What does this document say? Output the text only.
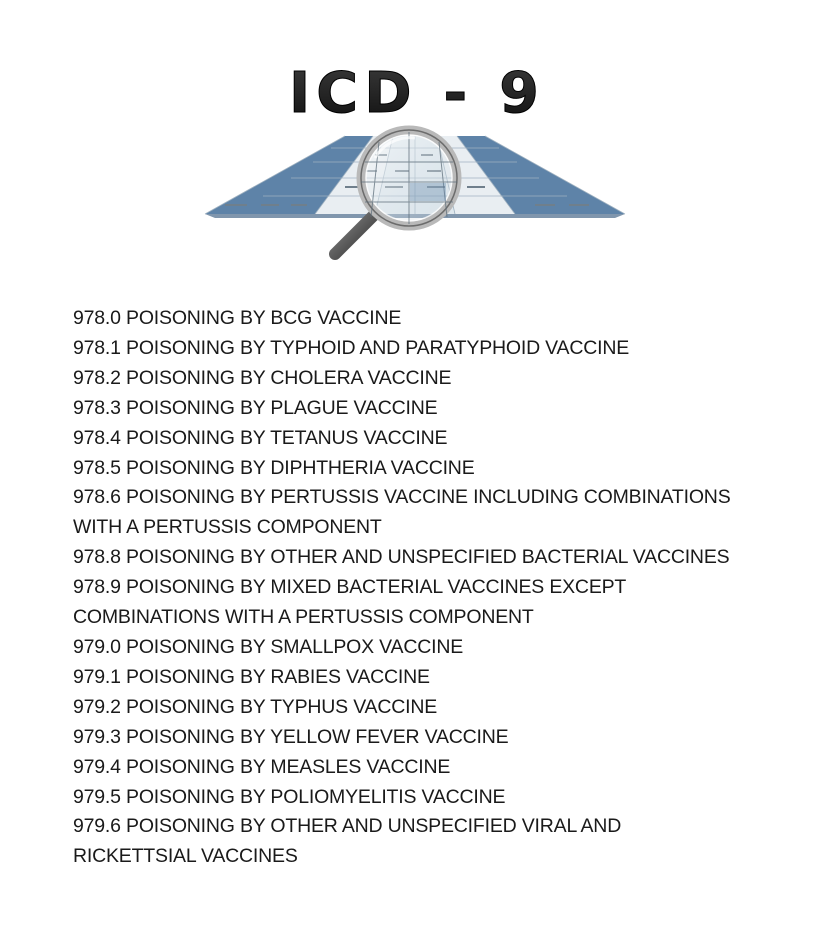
ICD - 9
978.0 POISONING BY BCG VACCINE
978.1 POISONING BY TYPHOID AND PARATYPHOID VACCINE
978.2 POISONING BY CHOLERA VACCINE
978.3 POISONING BY PLAGUE VACCINE
978.4 POISONING BY TETANUS VACCINE
978.5 POISONING BY DIPHTHERIA VACCINE
978.6 POISONING BY PERTUSSIS VACCINE INCLUDING COMBINATIONS WITH A PERTUSSIS COMPONENT
978.8 POISONING BY OTHER AND UNSPECIFIED BACTERIAL VACCINES
978.9 POISONING BY MIXED BACTERIAL VACCINES EXCEPT COMBINATIONS WITH A PERTUSSIS COMPONENT
979.0 POISONING BY SMALLPOX VACCINE
979.1 POISONING BY RABIES VACCINE
979.2 POISONING BY TYPHUS VACCINE
979.3 POISONING BY YELLOW FEVER VACCINE
979.4 POISONING BY MEASLES VACCINE
979.5 POISONING BY POLIOMYELITIS VACCINE
979.6 POISONING BY OTHER AND UNSPECIFIED VIRAL AND RICKETTSIAL VACCINES
